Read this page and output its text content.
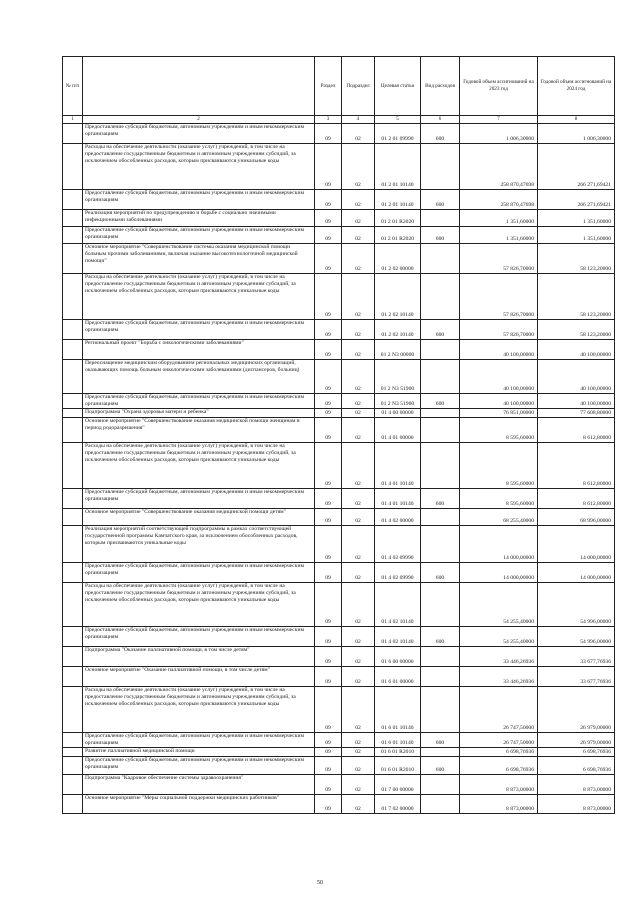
№ п/п		Раздел	Подраздел	Целевая статья	Вид расходов	Годовой объем ассигнований на 2023 год	Годовой объем ассигнований на 2024 год
1	2	3	4	5	6	7	8
	Предоставление субсидий бюджетным, автономным учреждениям и иным некоммерческим организациям	09	02	01 2 01 09990	600	1 006,30000	1 006,30000
	Расходы на обеспечение деятельности (оказание услуг) учреждений, в том числе на предоставление государственным бюджетным и автономным учреждениям субсидий, за исключением обособленных расходов, которым присваиваются уникальные коды	09	02	01 2 01 10140		258 870,47698	266 271,69421
	Предоставление субсидий бюджетным, автономным учреждениям и иным некоммерческим организациям	09	02	01 2 01 10140	600	258 870,47698	266 271,69421
	Реализация мероприятий по предупреждению и борьбе с социально значимыми инфекционными заболеваниями	09	02	01 2 01 R2020		1 351,60000	1 351,60000
	Предоставление субсидий бюджетным, автономным учреждениям и иным некоммерческим организациям	09	02	01 2 01 R2020	600	1 351,60000	1 351,60000
	Основное мероприятие "Совершенствование системы оказания медицинской помощи больным прочими заболеваниями, включая оказание высокотехнологичной медицинской помощи"	09	02	01 2 02 00000		57 826,70000	58 123,20000
	Расходы на обеспечение деятельности (оказание услуг) учреждений, в том числе на предоставление государственным бюджетным и автономным учреждениям субсидий, за исключением обособленных расходов, которым присваиваются уникальные коды	09	02	01 2 02 10140		57 826,70000	58 123,20000
	Предоставление субсидий бюджетным, автономным учреждениям и иным некоммерческим организациям	09	02	01 2 02 10140	600	57 826,70000	58 123,20000
	Региональный проект "Борьба с онкологическими заболеваниями"	09	02	01 2 N3 00000		40 100,00000	40 100,00000
	Переоснащение медицинским оборудованием региональных медицинских организаций, оказывающих помощь больным онкологическими заболеваниями (диспансеров, больниц)	09	02	01 2 N3 51900		40 100,00000	40 100,00000
	Предоставление субсидий бюджетным, автономным учреждениям и иным некоммерческим организациям	09	02	01 2 N3 51900	600	40 100,00000	40 100,00000
	Подпрограмма "Охрана здоровья матери и ребенка"	09	02	01 4 00 00000		76 851,00000	77 608,80000
	Основное мероприятие "Совершенствование оказания медицинской помощи женщинам в период родоразрешения"	09	02	01 4 01 00000		8 595,60000	8 612,80000
	Расходы на обеспечение деятельности (оказание услуг) учреждений, в том числе на предоставление государственным бюджетным и автономным учреждениям субсидий, за исключением обособленных расходов, которым присваиваются уникальные коды	09	02	01 4 01 10140		8 595,60000	8 612,80000
	Предоставление субсидий бюджетным, автономным учреждениям и иным некоммерческим организациям	09	02	01 4 01 10140	600	8 595,60000	8 612,80000
	Основное мероприятие "Совершенствование оказания медицинской помощи детям"	09	02	01 4 02 00000		68 255,40000	68 996,00000
	Реализация мероприятий соответствующей подпрограммы в рамках соответствующей государственной программы Камчатского края, за исключением обособленных расходов, которым присваиваются уникальные коды	09	02	01 4 02 09990		14 000,00000	14 000,00000
	Предоставление субсидий бюджетным, автономным учреждениям и иным некоммерческим организациям	09	02	01 4 02 09990	600	14 000,00000	14 000,00000
	Расходы на обеспечение деятельности (оказание услуг) учреждений, в том числе на предоставление государственным бюджетным и автономным учреждениям субсидий, за исключением обособленных расходов, которым присваиваются уникальные коды	09	02	01 4 02 10140		54 255,40000	54 996,00000
	Предоставление субсидий бюджетным, автономным учреждениям и иным некоммерческим организациям	09	02	01 4 02 10140	600	54 255,40000	54 996,00000
	Подпрограмма "Оказание паллиативной помощи, в том числе детям"	09	02	01 6 00 00000		33 446,26936	33 677,76936
	Основное мероприятие "Оказание паллиативной помощи, в том числе детям"	09	02	01 6 01 00000		33 446,26936	33 677,76936
	Расходы на обеспечение деятельности (оказание услуг) учреждений, в том числе на предоставление государственным бюджетным и автономным учреждениям субсидий, за исключением обособленных расходов, которым присваиваются уникальные коды	09	02	01 6 01 10140		26 747,50000	26 979,00000
	Предоставление субсидий бюджетным, автономным учреждениям и иным некоммерческим организациям	09	02	01 6 01 10140	600	26 747,50000	26 979,00000
	Развитие паллиативной медицинской помощи	09	02	01 6 01 R2010		6 698,76936	6 698,76936
	Предоставление субсидий бюджетным, автономным учреждениям и иным некоммерческим организациям	09	02	01 6 01 R2010	600	6 698,76936	6 698,76936
	Подпрограмма "Кадровое обеспечение системы здравоохранения"	09	02	01 7 00 00000		8 873,00000	8 873,00000
	Основное мероприятие "Меры социальной поддержки медицинских работников"	09	02	01 7 02 00000		8 873,00000	8 873,00000
50
